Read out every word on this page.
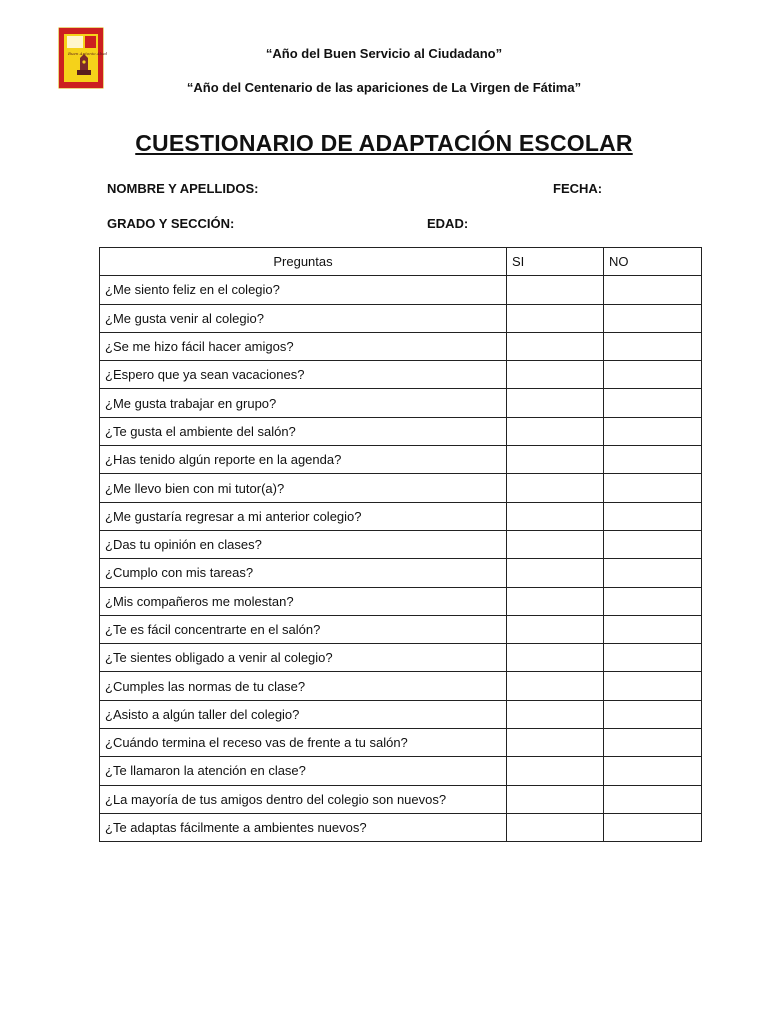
Buen Antonio Abad	“Año del Buen Servicio al Ciudadano”
“Año del Centenario de las apariciones de La Virgen de Fátima”
CUESTIONARIO DE ADAPTACIÓN ESCOLAR
NOMBRE Y APELLIDOS:	FECHA:
GRADO Y SECCIÓN:	EDAD:
Preguntas	SI	NO
¿Me siento feliz en el colegio?		
¿Me gusta venir al colegio?		
¿Se me hizo fácil hacer amigos?		
¿Espero que ya sean vacaciones?		
¿Me gusta trabajar en grupo?		
¿Te gusta el ambiente del salón?		
¿Has tenido algún reporte en la agenda?		
¿Me llevo bien con mi tutor(a)?		
¿Me gustaría regresar a mi anterior colegio?		
¿Das tu opinión en clases?		
¿Cumplo con mis tareas?		
¿Mis compañeros me molestan?		
¿Te es fácil concentrarte en el salón?		
¿Te sientes obligado a venir al colegio?		
¿Cumples las normas de tu clase?		
¿Asisto a algún taller del colegio?		
¿Cuándo termina el receso vas de frente a tu salón?		
¿Te llamaron la atención en clase?		
¿La mayoría de tus amigos dentro del colegio son nuevos?		
¿Te adaptas fácilmente a ambientes nuevos?		
